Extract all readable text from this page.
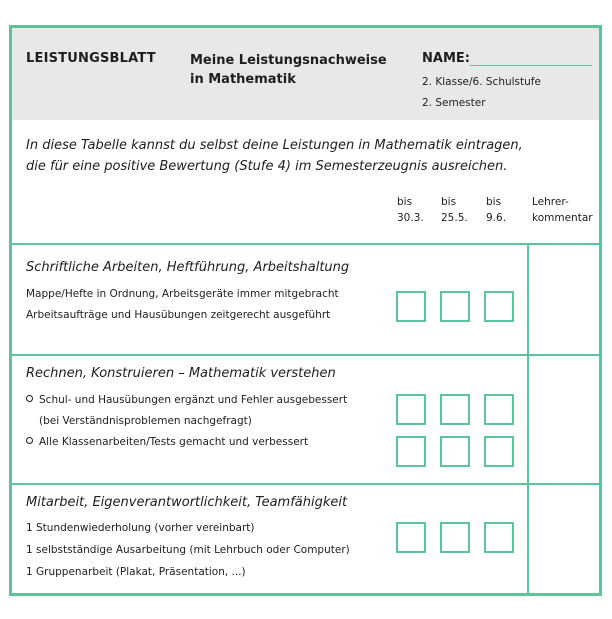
LEISTUNGSBLATT	Meine Leistungsnachweise
in Mathematik
NAME:
2. Klasse/6. Schulstufe
2. Semester
In diese Tabelle kannst du selbst deine Leistungen in Mathematik eintragen,
die für eine positive Bewertung (Stufe 4) im Semesterzeugnis ausreichen.
bis
30.3.
bis
25.5.
bis
9.6.
Lehrer-
kommentar
Schriftliche Arbeiten, Heftführung, Arbeitshaltung
Mappe/Hefte in Ordnung, Arbeitsgeräte immer mitgebracht
Arbeitsaufträge und Hausübungen zeitgerecht ausgeführt
Rechnen, Konstruieren – Mathematik verstehen
Schul- und Hausübungen ergänzt und Fehler ausgebessert
(bei Verständnisproblemen nachgefragt)
Alle Klassenarbeiten/Tests gemacht und verbessert
Mitarbeit, Eigenverantwortlichkeit, Teamfähigkeit
1 Stundenwiederholung (vorher vereinbart)
1 selbstständige Ausarbeitung (mit Lehrbuch oder Computer)
1 Gruppenarbeit (Plakat, Präsentation, ...)
